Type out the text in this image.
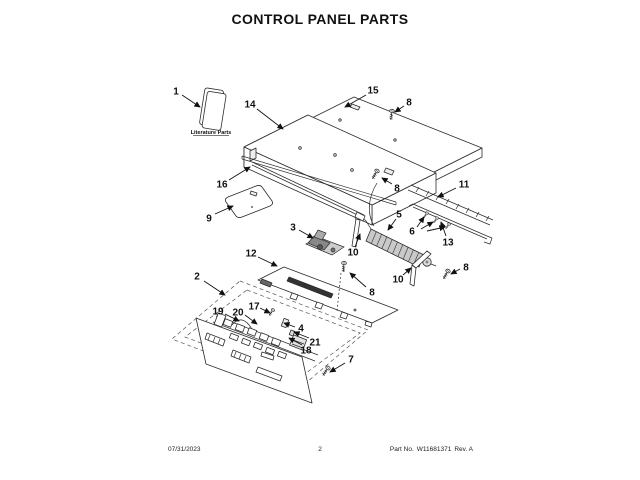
CONTROL PANEL PARTS
Literature Parts
1
14
15
8
16
9
11
3
5
6
13
10
10
8
8
8
12
2
19 20
17
4
21
18
7
07/31/2023	2	Part No. W11681371 Rev. A
